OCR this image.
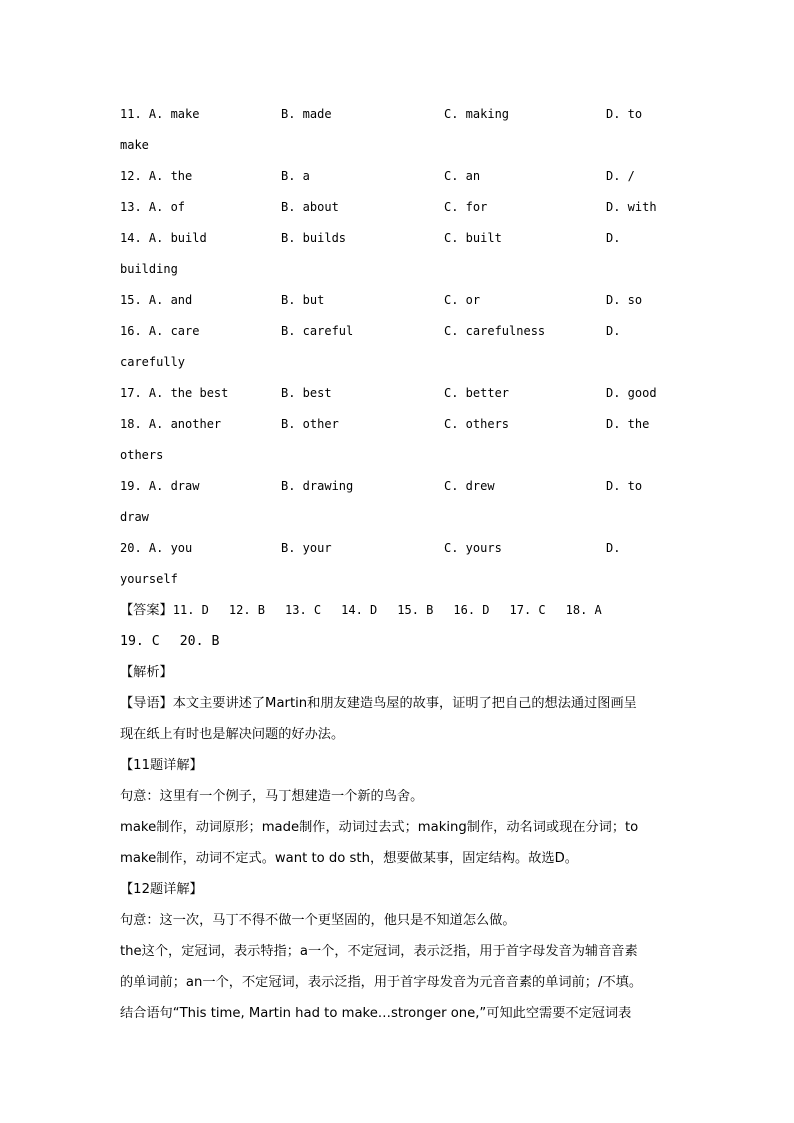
11. A. make	B. made	C. making	D. to
make
12. A. the	B. a	C. an	D. /
13. A. of	B. about	C. for	D. with
14. A. build	B. builds	C. built	D.
building
15. A. and	B. but	C. or	D. so
16. A. care	B. careful	C. carefulness	D.
carefully
17. A. the best	B. best	C. better	D. good
18. A. another	B. other	C. others	D. the
others
19. A. draw	B. drawing	C. drew	D. to
draw
20. A. you	B. your	C. yours	D.
yourself
【答案】11. D 12. B 13. C 14. D 15. B 16. D 17. C 18. A
19. C 20. B
【解析】
【导语】本文主要讲述了Martin和朋友建造鸟屋的故事，证明了把自己的想法通过图画呈
现在纸上有时也是解决问题的好办法。
【11题详解】
句意：这里有一个例子，马丁想建造一个新的鸟舍。
make制作，动词原形；made制作，动词过去式；making制作，动名词或现在分词；to
make制作，动词不定式。want to do sth，想要做某事，固定结构。故选D。
【12题详解】
句意：这一次，马丁不得不做一个更坚固的，他只是不知道怎么做。
the这个，定冠词，表示特指；a一个，不定冠词，表示泛指，用于首字母发音为辅音音素
的单词前；an一个，不定冠词，表示泛指，用于首字母发音为元音音素的单词前；/不填。
结合语句“This time, Martin had to make…stronger one,”可知此空需要不定冠词表
